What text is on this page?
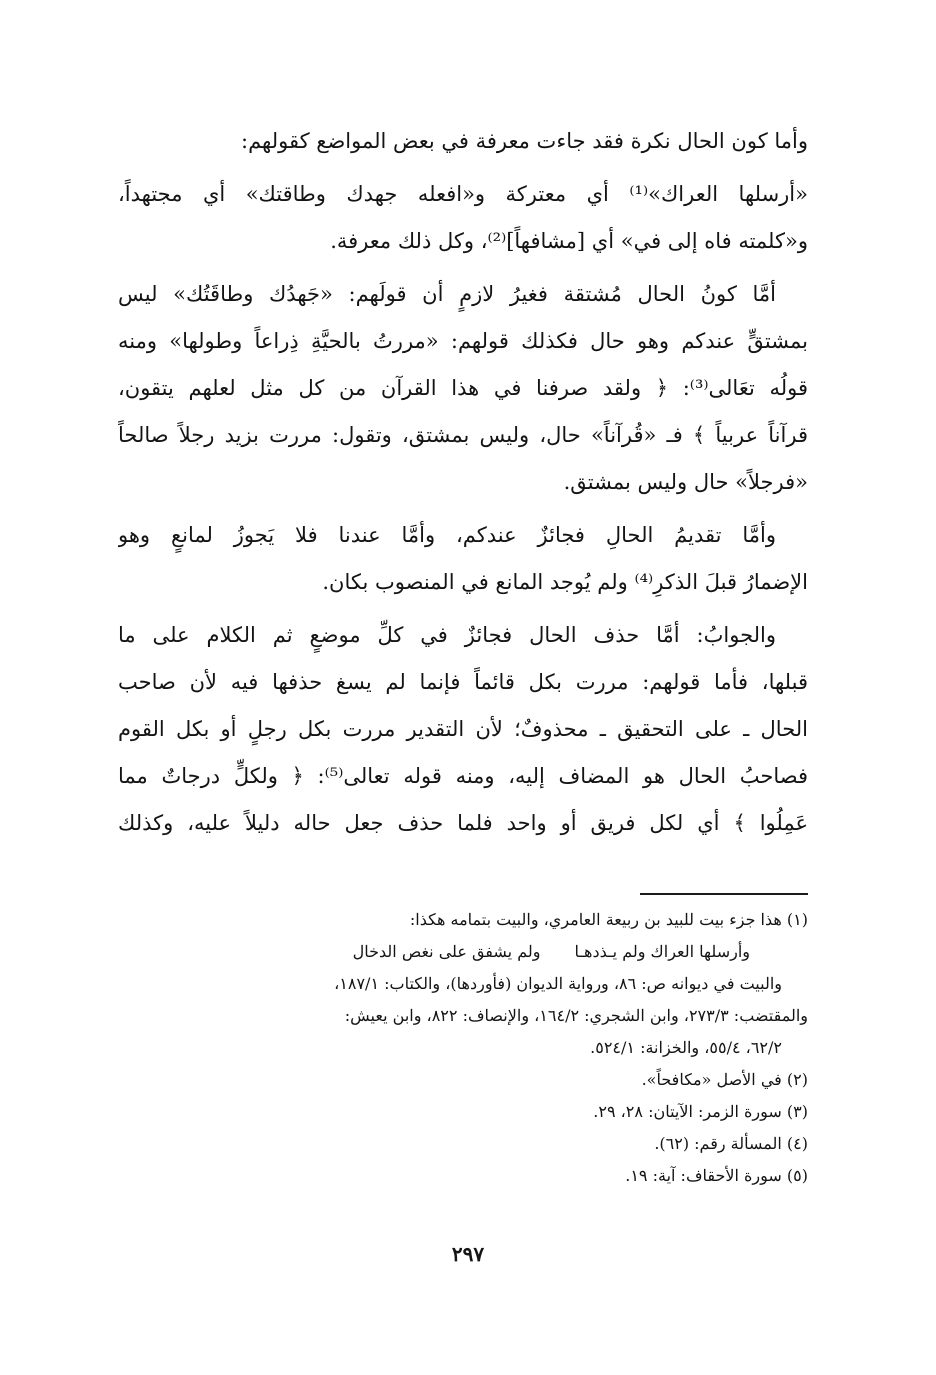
وأما كون الحال نكرة فقد جاءت معرفة في بعض المواضع كقولهم:

«أرسلها العراك»⁽¹⁾ أي معتركة و«افعله جهدك وطاقتك» أي مجتهداً،
و«كلمته فاه إلى في» أي [مشافهاً]⁽²⁾، وكل ذلك معرفة.

أمَّا كونُ الحال مُشتقة فغيرُ لازمٍ أن قولَهم: «جَهدُك وطاقَتُك» ليس
بمشتقٍّ عندكم وهو حال فكذلك قولهم: «مررتُ بالحيَّةِ ذِراعاً وطولها» ومنه
قولُه تعَالى⁽³⁾: ﴿ ولقد صرفنا في هذا القرآن من كل مثل لعلهم يتقون،
قرآناً عربياً ﴾ فـ «قُرآناً» حال، وليس بمشتق، وتقول: مررت بزيد رجلاً صالحاً
«فرجلاً» حال وليس بمشتق.

وأمَّا تقديمُ الحالِ فجائزٌ عندكم، وأمَّا عندنا فلا يَجوزُ لمانعٍ وهو
الإضمارُ قبلَ الذكرِ⁽⁴⁾ ولم يُوجد المانع في المنصوب بكان.

والجوابُ: أمَّا حذف الحال فجائزٌ في كلِّ موضعٍ ثم الكلام على ما
قبلها، فأما قولهم: مررت بكل قائماً فإنما لم يسغ حذفها فيه لأن صاحب
الحال ـ على التحقيق ـ محذوفٌ؛ لأن التقدير مررت بكل رجلٍ أو بكل القوم
فصاحبُ الحال هو المضاف إليه، ومنه قوله تعالى⁽⁵⁾: ﴿ ولكلٍّ درجاتٌ مما
عَمِلُوا ﴾ أي لكل فريق أو واحد فلما حذف جعل حاله دليلاً عليه، وكذلك

(١) هذا جزء بيت للبيد بن ربيعة العامري، والبيت بتمامه هكذا:
وأرسلها العراك ولم يـذدهـا
ولم يشفق على نغص الدخال
والبيت في ديوانه ص: ٨٦، ورواية الديوان (فأوردها)، والكتاب: ١٨٧/١،
والمقتضب: ٢٧٣/٣، وابن الشجري: ١٦٤/٢، والإنصاف: ٨٢٢، وابن يعيش:
٦٢/٢، ٥٥/٤، والخزانة: ٥٢٤/١.
(٢) في الأصل «مكافحاً».
(٣) سورة الزمر: الآيتان: ٢٨، ٢٩.
(٤) المسألة رقم: (٦٢).
(٥) سورة الأحقاف: آية: ١٩.
٢٩٧
